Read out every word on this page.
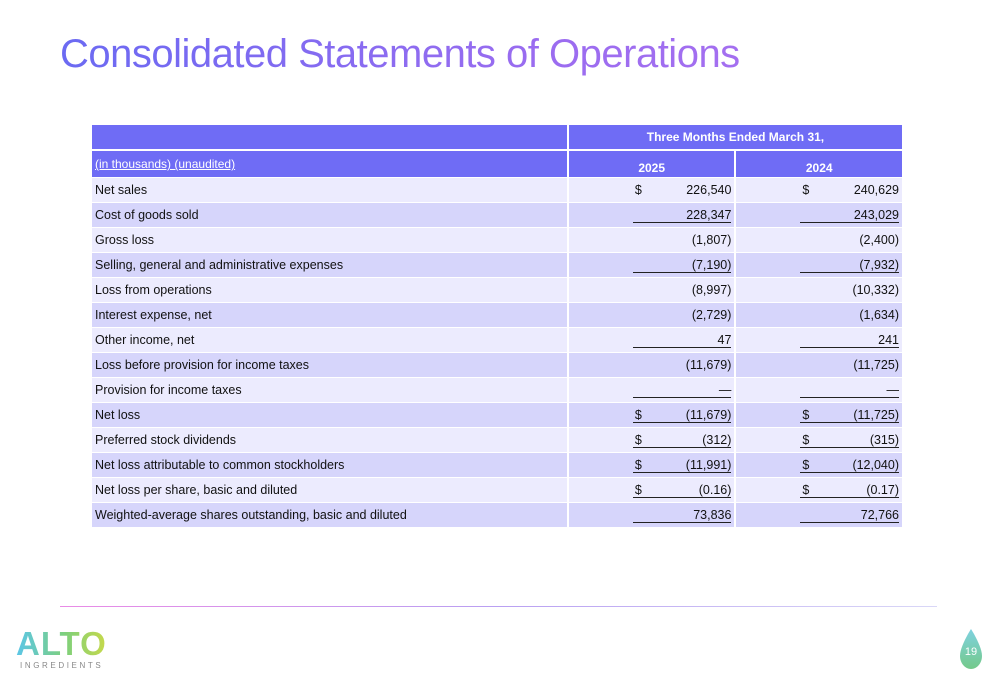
Consolidated Statements of Operations
	Three Months Ended March 31,	
(in thousands) (unaudited)	2025	2024
Net sales	$ 226,540	$ 240,629

Cost of goods sold	228,347	243,029

Gross loss	(1,807)	(2,400)

Selling, general and administrative expenses	(7,190)	(7,932)

Loss from operations	(8,997)	(10,332)

Interest expense, net	(2,729)	(1,634)

Other income, net	47	241

Loss before provision for income taxes	(11,679)	(11,725)

Provision for income taxes	—	—

Net loss	$ (11,679)	$ (11,725)

Preferred stock dividends	$ (312)	$ (315)

Net loss attributable to common stockholders	$ (11,991)	$ (12,040)

Net loss per share, basic and diluted	$ (0.16)	$ (0.17)

Weighted-average shares outstanding, basic and diluted	73,836	72,766
ALTO
INGREDIENTS
19
